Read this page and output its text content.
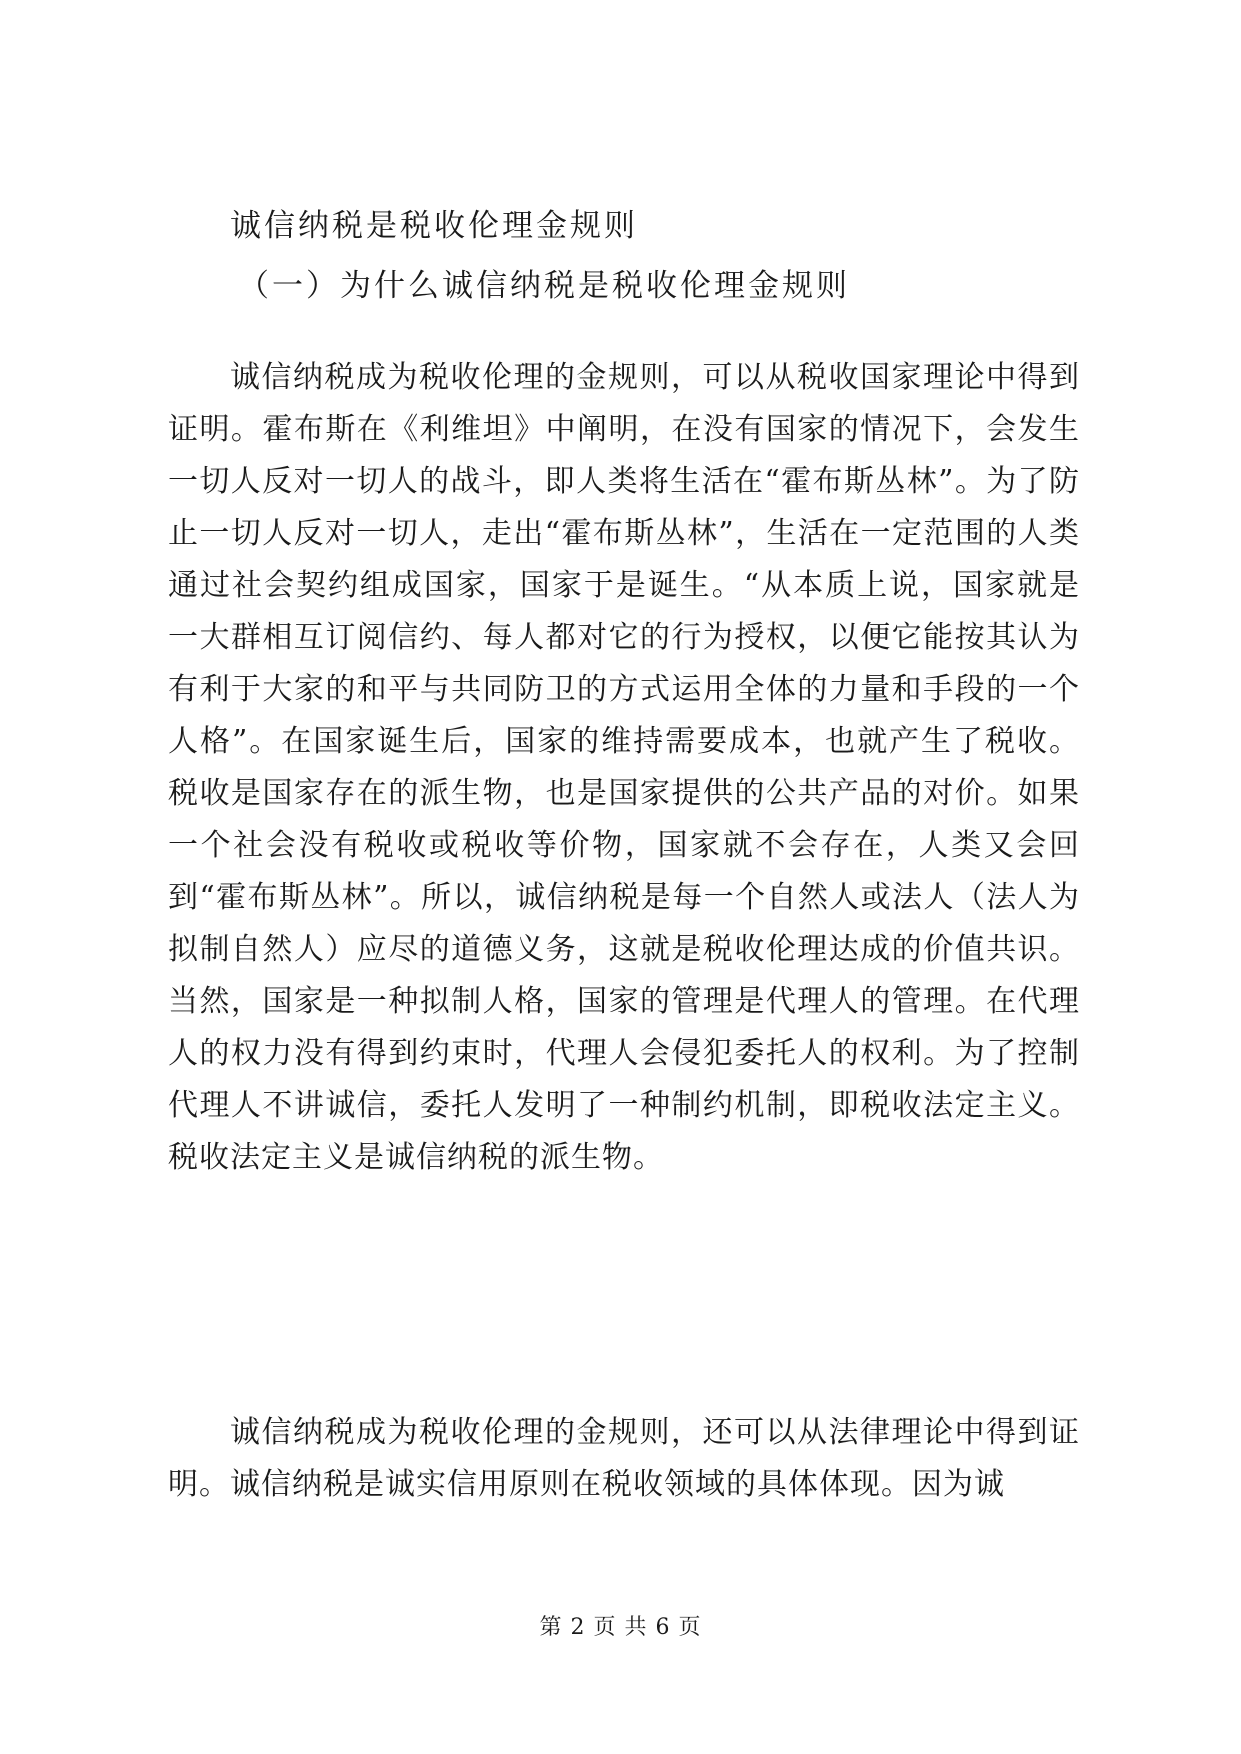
诚信纳税是税收伦理金规则
（一）为什么诚信纳税是税收伦理金规则

诚信纳税成为税收伦理的金规则，可以从税收国家理论中得到证明。霍布斯在《利维坦》中阐明，在没有国家的情况下，会发生一切人反对一切人的战斗，即人类将生活在“霍布斯丛林”。为了防止一切人反对一切人，走出“霍布斯丛林”，生活在一定范围的人类通过社会契约组成国家，国家于是诞生。“从本质上说，国家就是一大群相互订阅信约、每人都对它的行为授权，以便它能按其认为有利于大家的和平与共同防卫的方式运用全体的力量和手段的一个人格”。在国家诞生后，国家的维持需要成本，也就产生了税收。税收是国家存在的派生物，也是国家提供的公共产品的对价。如果一个社会没有税收或税收等价物，国家就不会存在，人类又会回到“霍布斯丛林”。所以，诚信纳税是每一个自然人或法人（法人为拟制自然人）应尽的道德义务，这就是税收伦理达成的价值共识。当然，国家是一种拟制人格，国家的管理是代理人的管理。在代理人的权力没有得到约束时，代理人会侵犯委托人的权利。为了控制代理人不讲诚信，委托人发明了一种制约机制，即税收法定主义。税收法定主义是诚信纳税的派生物。

诚信纳税成为税收伦理的金规则，还可以从法律理论中得到证明。诚信纳税是诚实信用原则在税收领域的具体体现。因为诚

第 2 页 共 6 页
